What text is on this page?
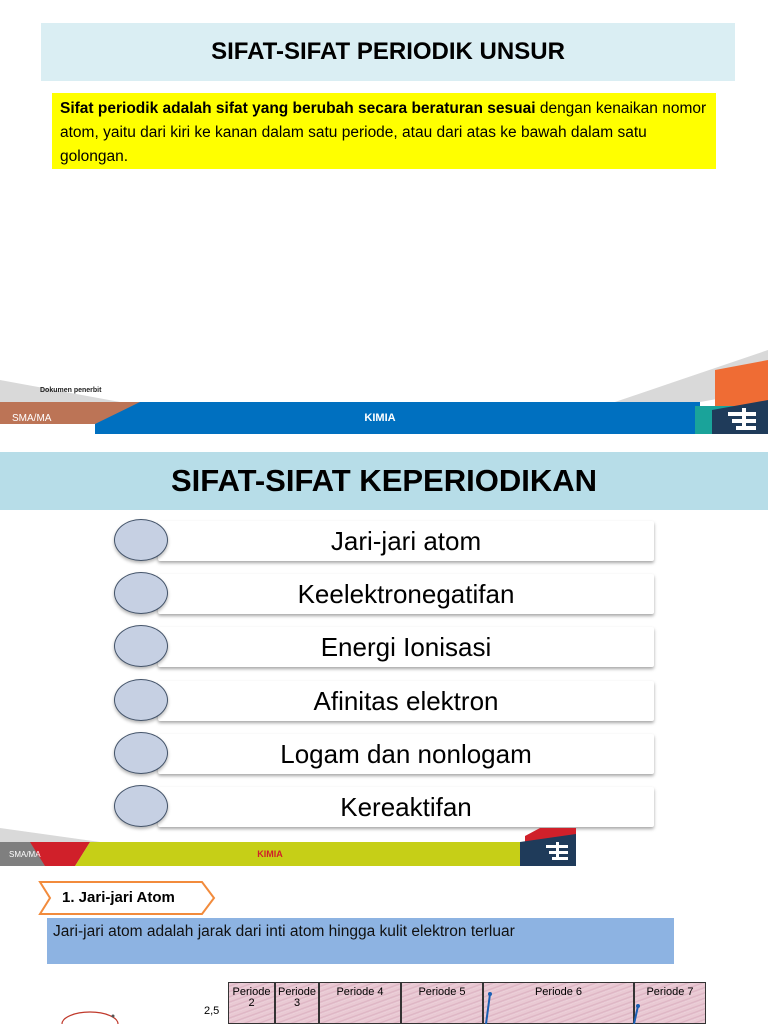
SIFAT-SIFAT PERIODIK UNSUR
Sifat periodik adalah sifat yang berubah secara beraturan sesuai dengan kenaikan nomor atom, yaitu dari kiri ke kanan dalam satu periode, atau dari atas ke bawah dalam satu golongan.
Dokumen penerbit
SMA/MA	KIMIA
SIFAT-SIFAT KEPERIODIKAN
Jari-jari atom
Keelektronegatifan
Energi Ionisasi
Afinitas elektron
Logam dan nonlogam
Kereaktifan
SMA/MA	KIMIA
1. Jari-jari Atom
Jari-jari atom adalah jarak dari inti atom hingga kulit elektron terluar
2,5
Periode 2
Periode 3
Periode 4	Periode 5	Periode 6	Periode 7
